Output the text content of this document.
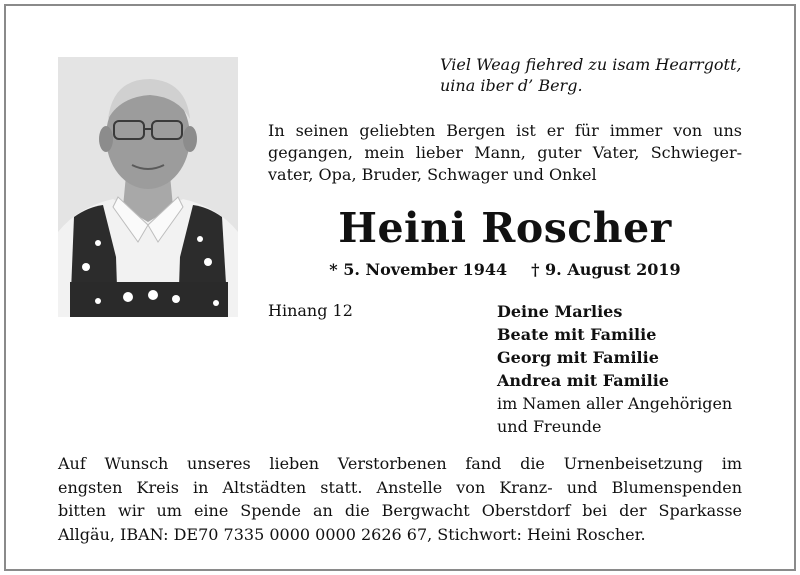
Viel Weag fiehred zu isam Hearrgott,
uina iber d’ Berg.
In seinen geliebten Bergen ist er für immer von uns
gegangen, mein lieber Mann, guter Vater, Schwieger-
vater, Opa, Bruder, Schwager und Onkel
Heini Roscher
* 5. November 1944 † 9. August 2019
Hinang 12	Deine Marlies
Beate mit Familie
Georg mit Familie
Andrea mit Familie
im Namen aller Angehörigen
und Freunde
Auf Wunsch unseres lieben Verstorbenen fand die Urnenbeisetzung im
engsten Kreis in Altstädten statt. Anstelle von Kranz- und Blumenspenden
bitten wir um eine Spende an die Bergwacht Oberstdorf bei der Sparkasse
Allgäu, IBAN: DE70 7335 0000 0000 2626 67, Stichwort: Heini Roscher.
